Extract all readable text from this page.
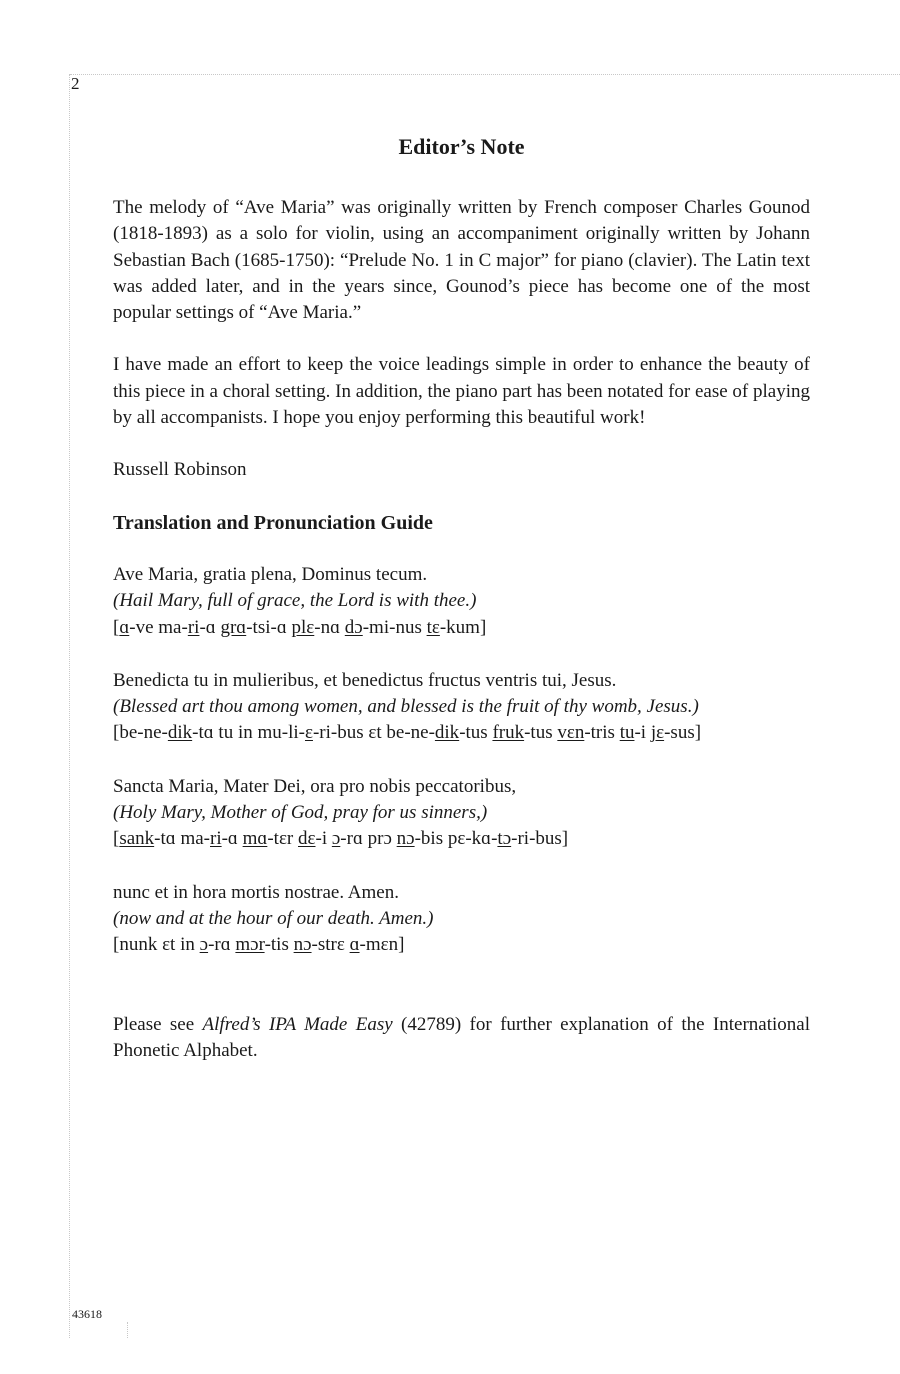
2
Editor’s Note

The melody of “Ave Maria” was originally written by French composer Charles Gounod (1818-1893) as a solo for violin, using an accompaniment originally written by Johann Sebastian Bach (1685-1750): “Prelude No. 1 in C major” for piano (clavier). The Latin text was added later, and in the years since, Gounod’s piece has become one of the most popular settings of “Ave Maria.”

I have made an effort to keep the voice leadings simple in order to enhance the beauty of this piece in a choral setting. In addition, the piano part has been notated for ease of playing by all accompanists. I hope you enjoy performing this beautiful work!

Russell Robinson

Translation and Pronunciation Guide
Ave Maria, gratia plena, Dominus tecum.
(Hail Mary, full of grace, the Lord is with thee.)
[ɑ-ve ma-ri-ɑ grɑ-tsi-ɑ plɛ-nɑ dɔ-mi-nus tɛ-kum]
Benedicta tu in mulieribus, et benedictus fructus ventris tui, Jesus.
(Blessed art thou among women, and blessed is the fruit of thy womb, Jesus.)
[be-ne-dik-tɑ tu in mu-li-ɛ-ri-bus ɛt be-ne-dik-tus fruk-tus vɛn-tris tu-i jɛ-sus]
Sancta Maria, Mater Dei, ora pro nobis peccatoribus,
(Holy Mary, Mother of God, pray for us sinners,)
[sank-tɑ ma-ri-ɑ mɑ-tɛr dɛ-i ɔ-rɑ prɔ nɔ-bis pɛ-kɑ-tɔ-ri-bus]
nunc et in hora mortis nostrae. Amen.
(now and at the hour of our death. Amen.)
[nunk ɛt in ɔ-rɑ mɔr-tis nɔ-strɛ ɑ-mɛn]

Please see Alfred’s IPA Made Easy (42789) for further explanation of the International Phonetic Alphabet.

43618
